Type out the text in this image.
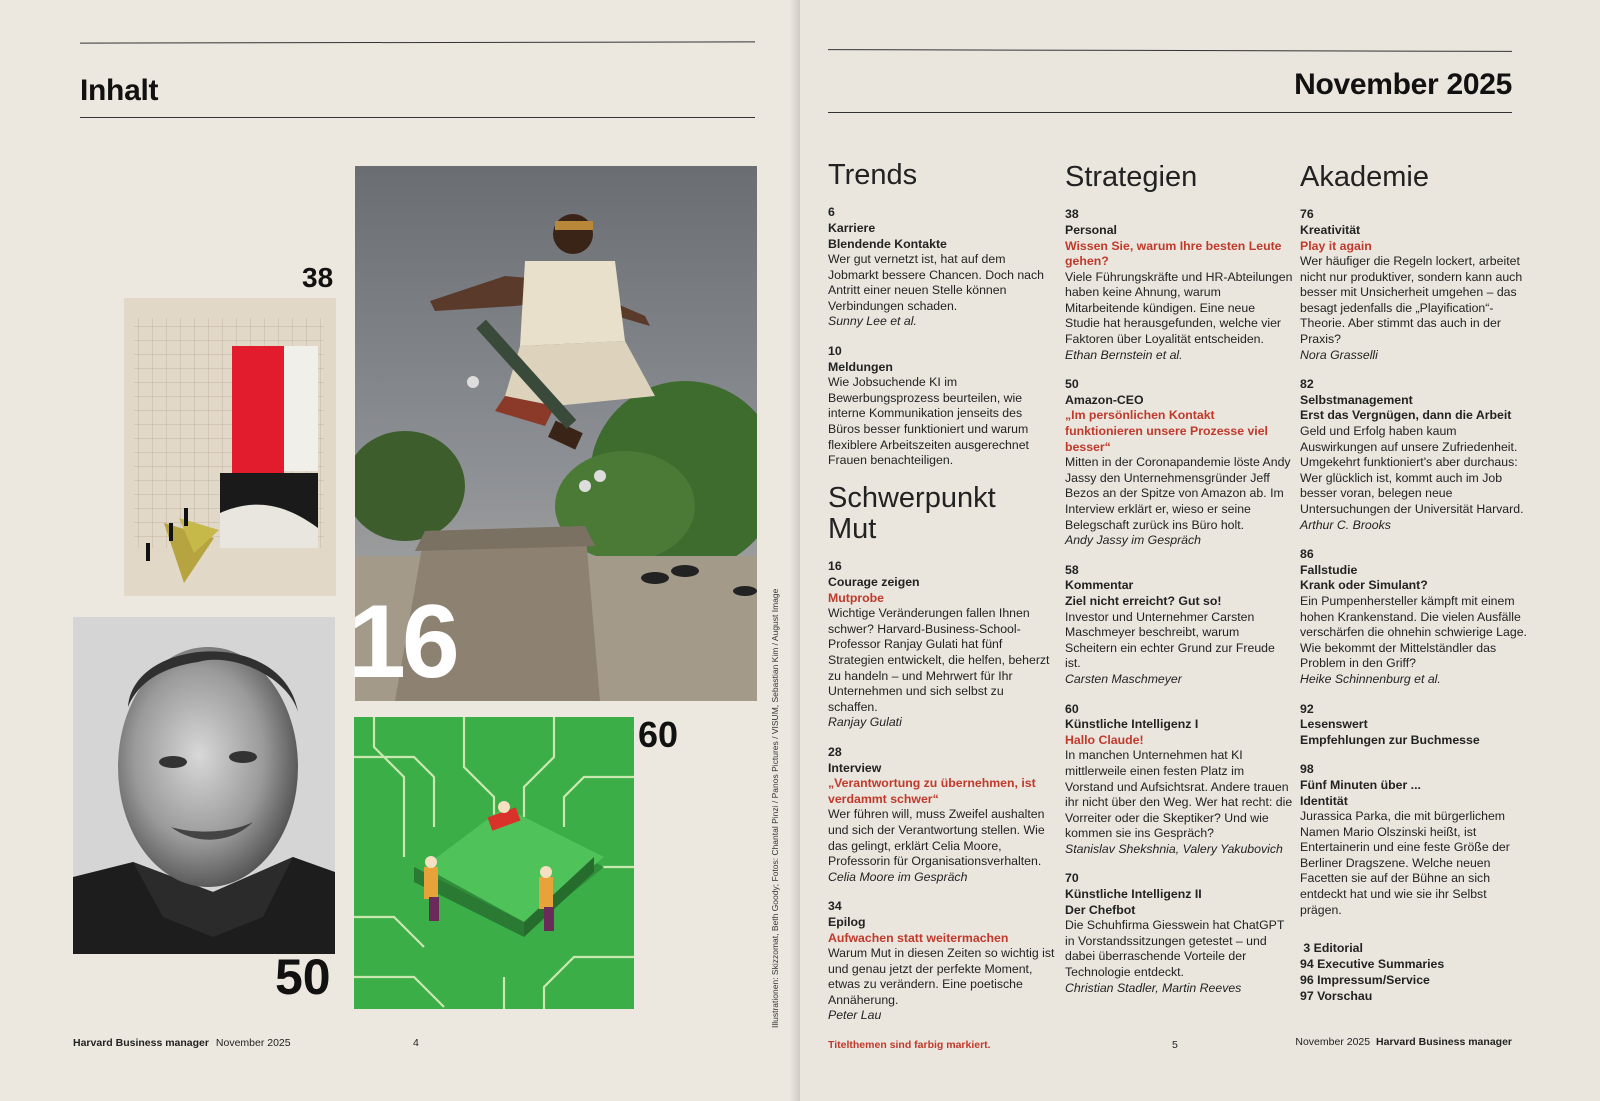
Inhalt
38
16
50
60	Illustrationen: Skizzomat, Beth Goody; Fotos: Chantal Pinzi / Panos Pictures / VISUM, Sebastian Kim / August Image
Harvard Business manager November 2025	4
November 2025
Trends
6
Karriere
Blendende Kontakte
Wer gut vernetzt ist, hat auf dem Jobmarkt bessere Chancen. Doch nach Antritt einer neuen Stelle können Verbindungen schaden.
Sunny Lee et al.
10
Meldungen
Wie Jobsuchende KI im Bewerbungsprozess beurteilen, wie interne Kommunikation jenseits des Büros besser funktioniert und warum flexiblere Arbeitszeiten ausgerechnet Frauen benachteiligen.
Schwerpunkt Mut
16
Courage zeigen
Mutprobe
Wichtige Veränderungen fallen Ihnen schwer? Harvard-Business-School-Professor Ranjay Gulati hat fünf Strategien entwickelt, die helfen, beherzt zu handeln – und Mehrwert für Ihr Unternehmen und sich selbst zu schaffen.
Ranjay Gulati
28
Interview
„Verantwortung zu übernehmen, ist verdammt schwer“
Wer führen will, muss Zweifel aushalten und sich der Verantwortung stellen. Wie das gelingt, erklärt Celia Moore, Professorin für Organisationsverhalten.
Celia Moore im Gespräch
34
Epilog
Aufwachen statt weitermachen
Warum Mut in diesen Zeiten so wichtig ist und genau jetzt der perfekte Moment, etwas zu verändern. Eine poetische Annäherung.
Peter Lau
Strategien
38
Personal
Wissen Sie, warum Ihre besten Leute gehen?
Viele Führungskräfte und HR-Abteilungen haben keine Ahnung, warum Mitarbeitende kündigen. Eine neue Studie hat herausgefunden, welche vier Faktoren über Loyalität entscheiden.
Ethan Bernstein et al.
50
Amazon-CEO
„Im persönlichen Kontakt funktionieren unsere Prozesse viel besser“
Mitten in der Coronapandemie löste Andy Jassy den Unternehmensgründer Jeff Bezos an der Spitze von Amazon ab. Im Interview erklärt er, wieso er seine Belegschaft zurück ins Büro holt.
Andy Jassy im Gespräch
58
Kommentar
Ziel nicht erreicht? Gut so!
Investor und Unternehmer Carsten Maschmeyer beschreibt, warum Scheitern ein echter Grund zur Freude ist.
Carsten Maschmeyer
60
Künstliche Intelligenz I
Hallo Claude!
In manchen Unternehmen hat KI mittlerweile einen festen Platz im Vorstand und Aufsichtsrat. Andere trauen ihr nicht über den Weg. Wer hat recht: die Vorreiter oder die Skeptiker? Und wie kommen sie ins Gespräch?
Stanislav Shekshnia, Valery Yakubovich
70
Künstliche Intelligenz II
Der Chefbot
Die Schuhfirma Giesswein hat ChatGPT in Vorstandssitzungen getestet – und dabei überraschende Vorteile der Technologie entdeckt.
Christian Stadler, Martin Reeves
Akademie
76
Kreativität
Play it again
Wer häufiger die Regeln lockert, arbeitet nicht nur produktiver, sondern kann auch besser mit Unsicherheit umgehen – das besagt jedenfalls die „Playification“-Theorie. Aber stimmt das auch in der Praxis?
Nora Grasselli
82
Selbstmanagement
Erst das Vergnügen, dann die Arbeit
Geld und Erfolg haben kaum Auswirkungen auf unsere Zufriedenheit. Umgekehrt funktioniert's aber durchaus: Wer glücklich ist, kommt auch im Job besser voran, belegen neue Untersuchungen der Universität Harvard.
Arthur C. Brooks
86
Fallstudie
Krank oder Simulant?
Ein Pumpenhersteller kämpft mit einem hohen Krankenstand. Die vielen Ausfälle verschärfen die ohnehin schwierige Lage. Wie bekommt der Mittelständler das Problem in den Griff?
Heike Schinnenburg et al.
92
Lesenswert
Empfehlungen zur Buchmesse
98
Fünf Minuten über ...
Identität
Jurassica Parka, die mit bürgerlichem Namen Mario Olszinski heißt, ist Entertainerin und eine feste Größe der Berliner Dragszene. Welche neuen Facetten sie auf der Bühne an sich entdeckt hat und wie sie ihr Selbst prägen.
3 Editorial
94 Executive Summaries
96 Impressum/Service
97 Vorschau
Titelthemen sind farbig markiert.	5	November 2025 Harvard Business manager
